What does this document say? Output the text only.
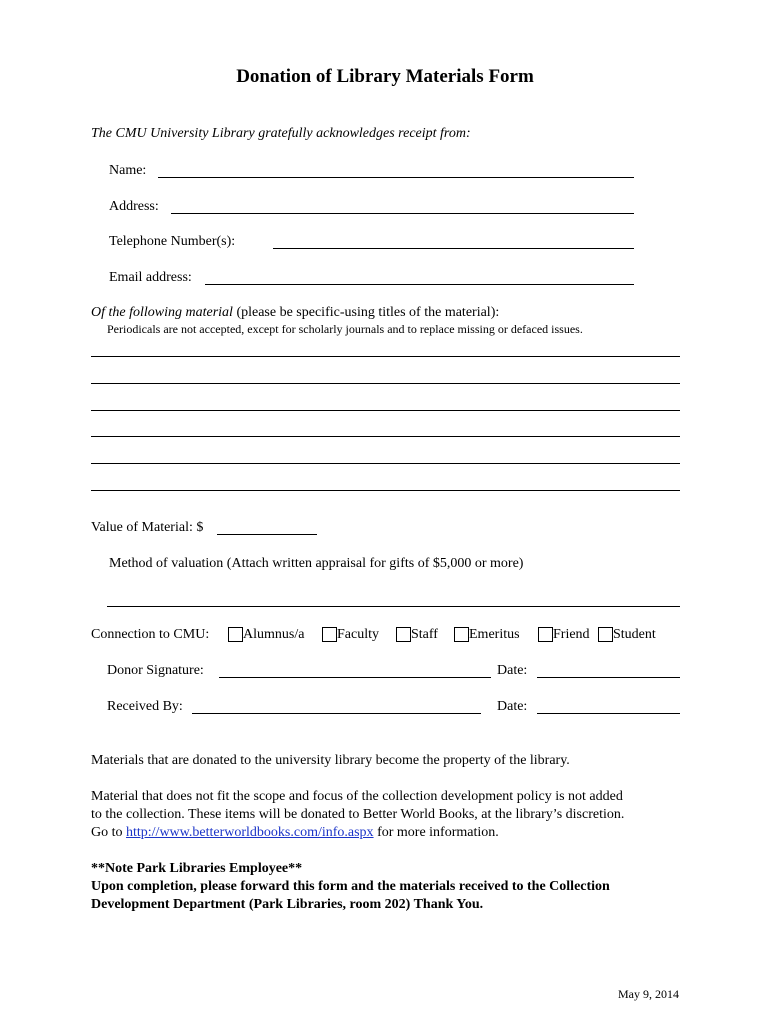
Donation of Library Materials Form
The CMU University Library gratefully acknowledges receipt from:
Name:
Address:
Telephone Number(s):
Email address:
Of the following material (please be specific-using titles of the material):
Periodicals are not accepted, except for scholarly journals and to replace missing or defaced issues.
Value of Material: $
Method of valuation (Attach written appraisal for gifts of $5,000 or more)
Connection to CMU: Alumnus/a Faculty Staff Emeritus Friend Student
Donor Signature:	Date:
Received By:	Date:
Materials that are donated to the university library become the property of the library.
Material that does not fit the scope and focus of the collection development policy is not added
to the collection. These items will be donated to Better World Books, at the library’s discretion.
Go to http://www.betterworldbooks.com/info.aspx for more information.
**Note Park Libraries Employee**
Upon completion, please forward this form and the materials received to the Collection
Development Department (Park Libraries, room 202) Thank You.
May 9, 2014
